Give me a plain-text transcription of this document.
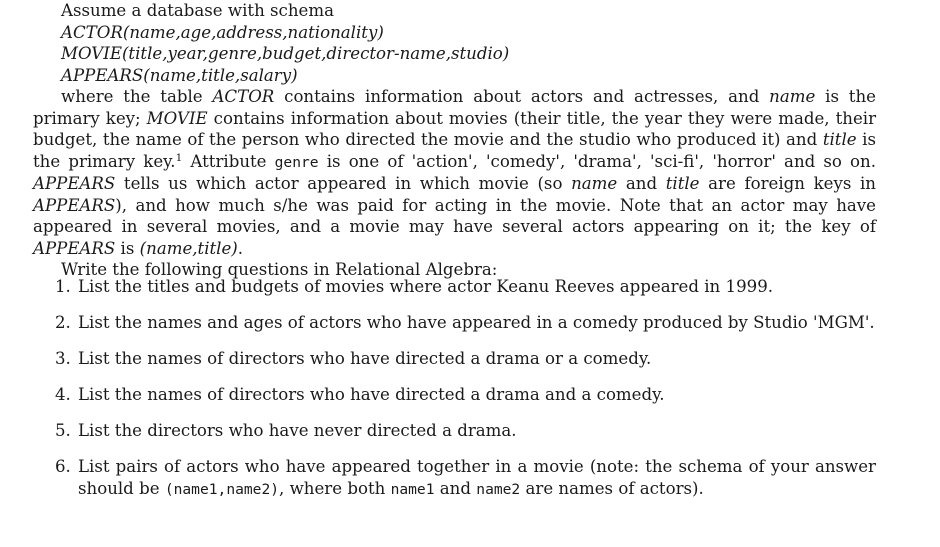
Assume a database with schema

ACTOR(name,age,address,nationality)

MOVIE(title,year,genre,budget,director-name,studio)

APPEARS(name,title,salary)

where the table ACTOR contains information about actors and actresses, and name is the primary key; MOVIE contains information about movies (their title, the year they were made, their budget, the name of the person who directed the movie and the studio who produced it) and title is the primary key.$^1$ Attribute genre is one of 'action', 'comedy', 'drama', 'sci-fi', 'horror' and so on. APPEARS tells us which actor appeared in which movie (so name and title are foreign keys in APPEARS), and how much s/he was paid for acting in the movie. Note that an actor may have appeared in several movies, and a movie may have several actors appearing on it; the key of APPEARS is (name,title).

Write the following questions in Relational Algebra:

1. List the titles and budgets of movies where actor Keanu Reeves appeared in 1999.
2. List the names and ages of actors who have appeared in a comedy produced by Studio 'MGM'.
3. List the names of directors who have directed a drama or a comedy.
4. List the names of directors who have directed a drama and a comedy.
5. List the directors who have never directed a drama.
6. List pairs of actors who have appeared together in a movie (note: the schema of your answer should be (name1,name2), where both name1 and name2 are names of actors).
